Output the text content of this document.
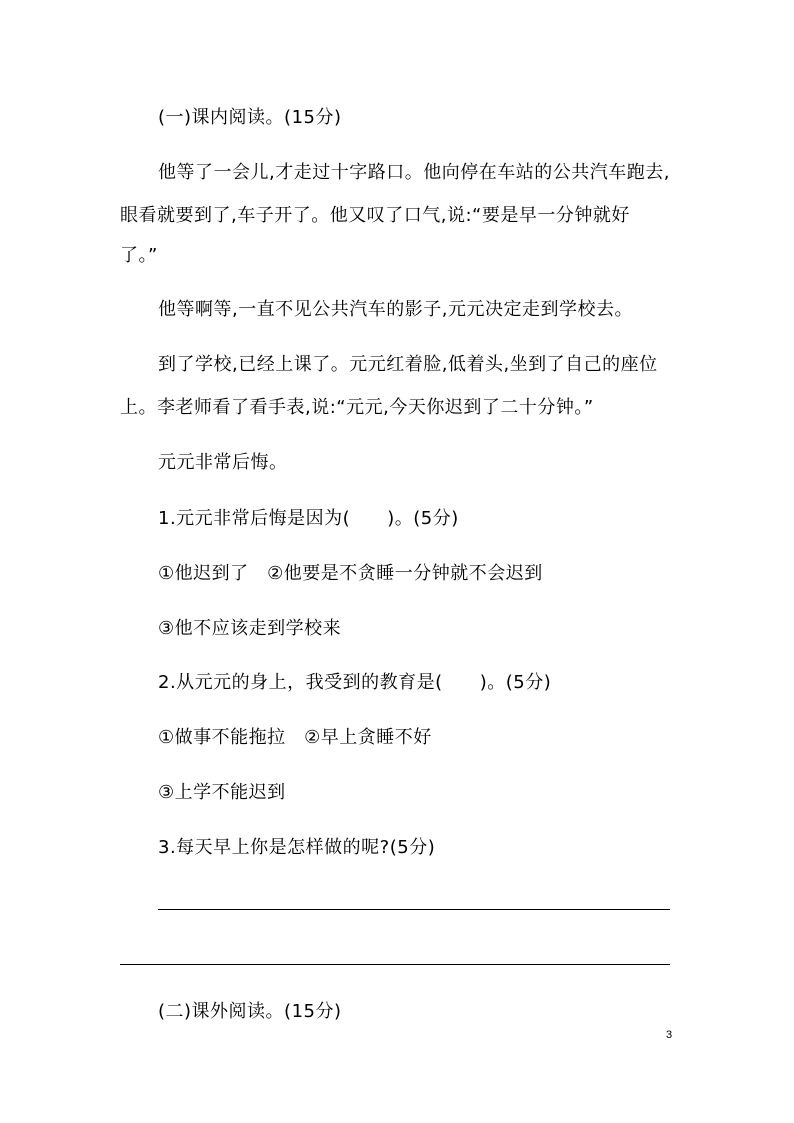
(一)课内阅读。(15分)
他等了一会儿,才走过十字路口。他向停在车站的公共汽车跑去,
眼看就要到了,车子开了。他又叹了口气,说:“要是早一分钟就好
了。”
他等啊等,一直不见公共汽车的影子,元元决定走到学校去。
到了学校,已经上课了。元元红着脸,低着头,坐到了自己的座位
上。李老师看了看手表,说:“元元,今天你迟到了二十分钟。”
元元非常后悔。
1.元元非常后悔是因为(　　)。(5分)
①他迟到了　②他要是不贪睡一分钟就不会迟到
③他不应该走到学校来
2.从元元的身上，我受到的教育是(　　)。(5分)
①做事不能拖拉　②早上贪睡不好
③上学不能迟到
3.每天早上你是怎样做的呢?(5分)
(二)课外阅读。(15分)
3
